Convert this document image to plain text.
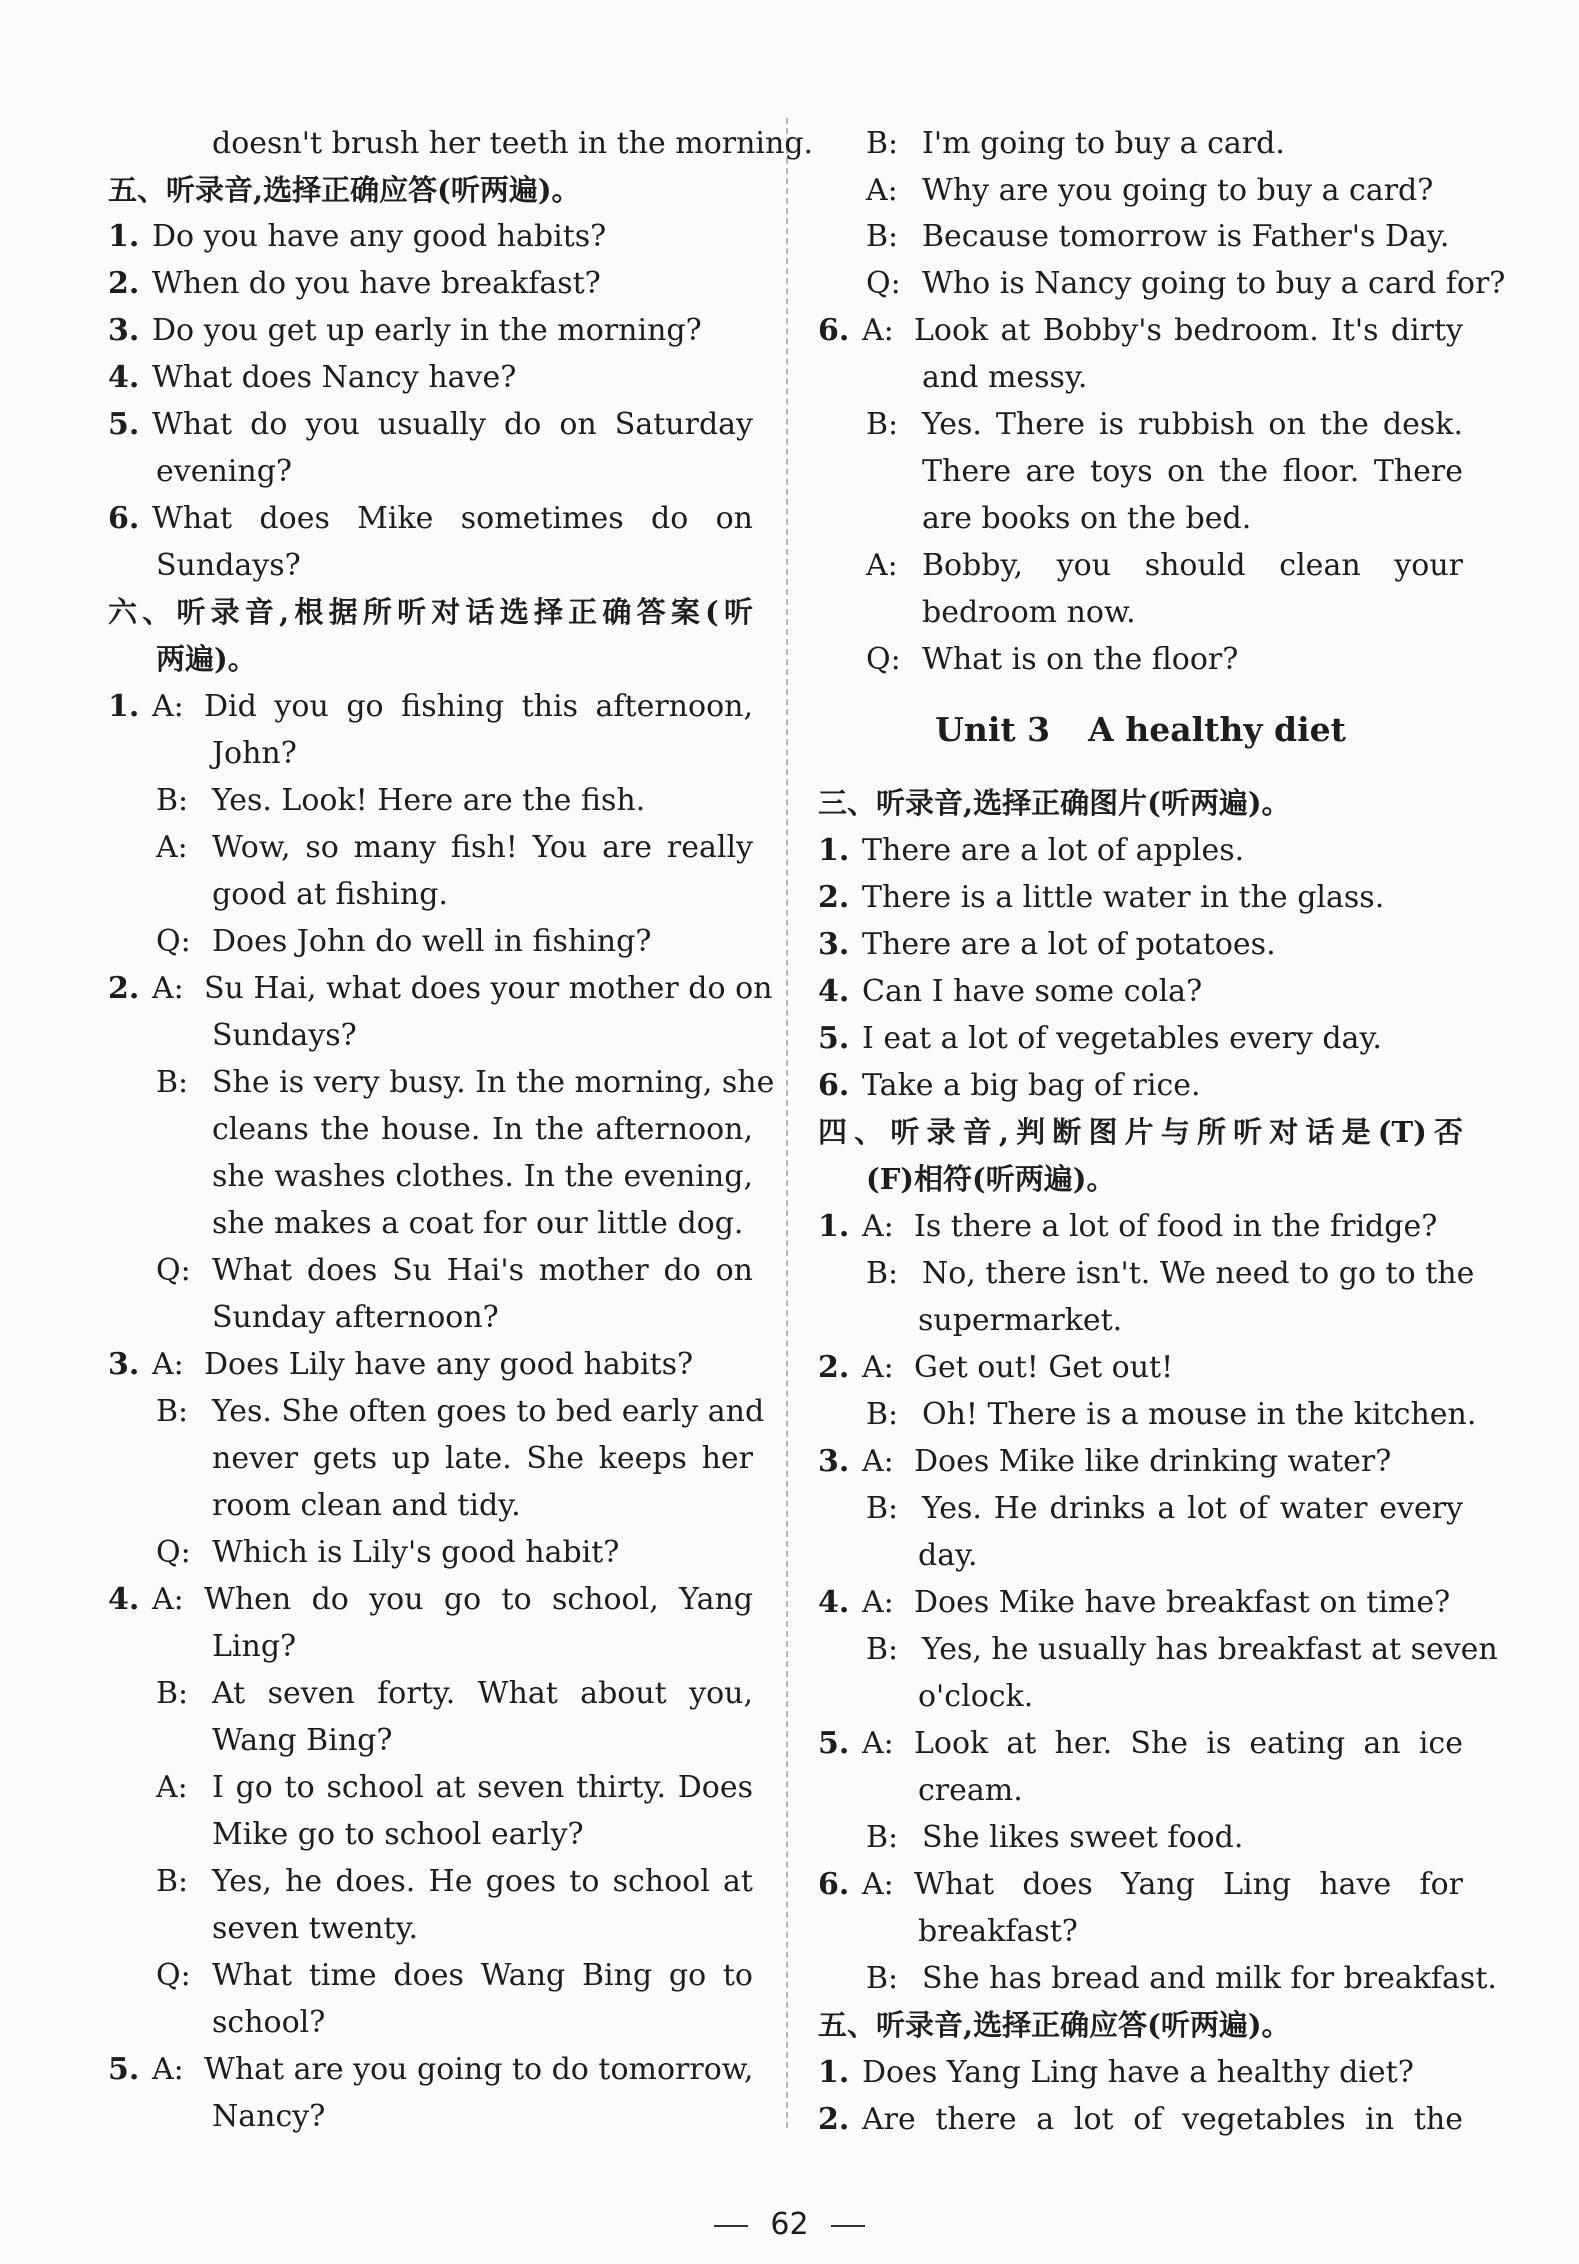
doesn't brush her teeth in the morning.
五、听录音,选择正确应答(听两遍)。
1. Do you have any good habits?
2. When do you have breakfast?
3. Do you get up early in the morning?
4. What does Nancy have?
5. What do you usually do on Saturday
evening?
6. What does Mike sometimes do on
Sundays?
六、听录音,根据所听对话选择正确答案(听
两遍)。
1. A: Did you go fishing this afternoon,
John?
B: Yes. Look! Here are the fish.
A: Wow, so many fish! You are really
good at fishing.
Q: Does John do well in fishing?
2. A: Su Hai, what does your mother do on
Sundays?
B: She is very busy. In the morning, she
cleans the house. In the afternoon,
she washes clothes. In the evening,
she makes a coat for our little dog.
Q: What does Su Hai's mother do on
Sunday afternoon?
3. A: Does Lily have any good habits?
B: Yes. She often goes to bed early and
never gets up late. She keeps her
room clean and tidy.
Q: Which is Lily's good habit?
4. A: When do you go to school, Yang
Ling?
B: At seven forty. What about you,
Wang Bing?
A: I go to school at seven thirty. Does
Mike go to school early?
B: Yes, he does. He goes to school at
seven twenty.
Q: What time does Wang Bing go to
school?
5. A: What are you going to do tomorrow,
Nancy?
B: I'm going to buy a card.
A: Why are you going to buy a card?
B: Because tomorrow is Father's Day.
Q: Who is Nancy going to buy a card for?
6. A: Look at Bobby's bedroom. It's dirty
and messy.
B: Yes. There is rubbish on the desk.
There are toys on the floor. There
are books on the bed.
A: Bobby, you should clean your
bedroom now.
Q: What is on the floor?
Unit 3 A healthy diet
三、听录音,选择正确图片(听两遍)。
1. There are a lot of apples.
2. There is a little water in the glass.
3. There are a lot of potatoes.
4. Can I have some cola?
5. I eat a lot of vegetables every day.
6. Take a big bag of rice.
四、听录音,判断图片与所听对话是(T)否
(F)相符(听两遍)。
1. A: Is there a lot of food in the fridge?
B: No, there isn't. We need to go to the
supermarket.
2. A: Get out! Get out!
B: Oh! There is a mouse in the kitchen.
3. A: Does Mike like drinking water?
B: Yes. He drinks a lot of water every
day.
4. A: Does Mike have breakfast on time?
B: Yes, he usually has breakfast at seven
o'clock.
5. A: Look at her. She is eating an ice
cream.
B: She likes sweet food.
6. A: What does Yang Ling have for
breakfast?
B: She has bread and milk for breakfast.
五、听录音,选择正确应答(听两遍)。
1. Does Yang Ling have a healthy diet?
2. Are there a lot of vegetables in the
62
